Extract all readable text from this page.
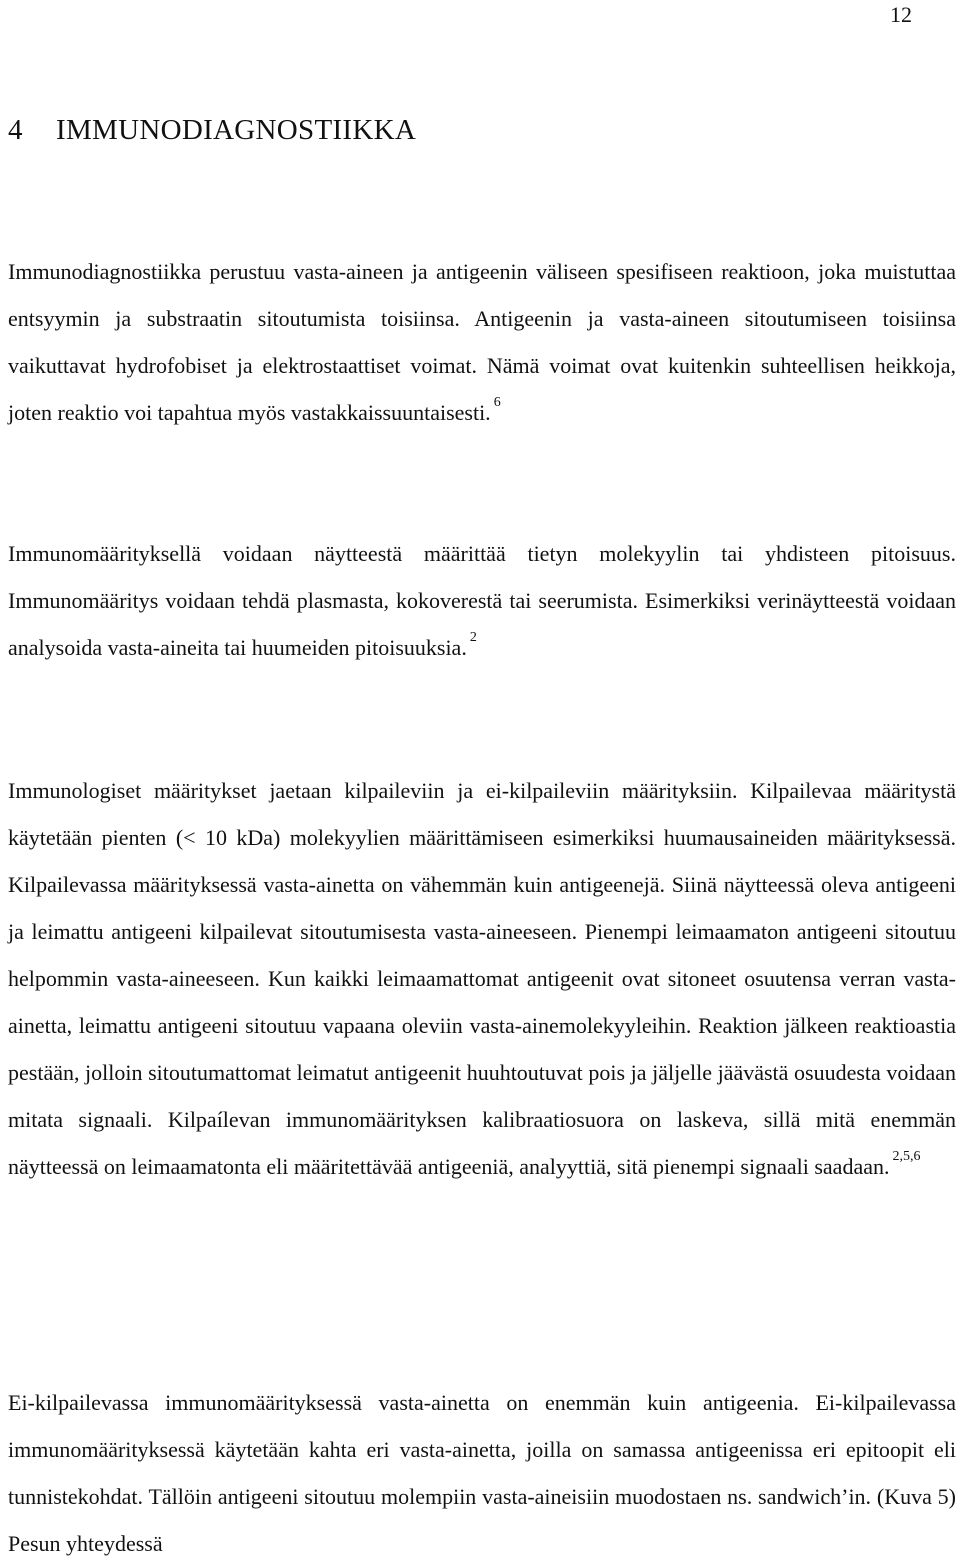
12
4 IMMUNODIAGNOSTIIKKA

Immunodiagnostiikka perustuu vasta-aineen ja antigeenin väliseen spesifiseen reaktioon, joka muistuttaa entsyymin ja substraatin sitoutumista toisiinsa. Antigeenin ja vasta-aineen sitoutumiseen toisiinsa vaikuttavat hydrofobiset ja elektrostaattiset voimat. Nämä voimat ovat kuitenkin suhteellisen heikkoja, joten reaktio voi tapahtua myös vastakkaissuuntaisesti. $^6$

Immunomäärityksellä voidaan näytteestä määrittää tietyn molekyylin tai yhdisteen pitoisuus. Immunomääritys voidaan tehdä plasmasta, kokoverestä tai seerumista. Esimerkiksi verinäytteestä voidaan analysoida vasta-aineita tai huumeiden pitoisuuksia. $^2$

Immunologiset määritykset jaetaan kilpaileviin ja ei-kilpaileviin määrityksiin. Kilpailevaa määritystä käytetään pienten (< 10 kDa) molekyylien määrittämiseen esimerkiksi huumausaineiden määrityksessä. Kilpailevassa määrityksessä vasta-ainetta on vähemmän kuin antigeenejä. Siinä näytteessä oleva antigeeni ja leimattu antigeeni kilpailevat sitoutumisesta vasta-aineeseen. Pienempi leimaamaton antigeeni sitoutuu helpommin vasta-aineeseen. Kun kaikki leimaamattomat antigeenit ovat sitoneet osuutensa verran vasta-ainetta, leimattu antigeeni sitoutuu vapaana oleviin vasta-ainemolekyyleihin. Reaktion jälkeen reaktioastia pestään, jolloin sitoutumattomat leimatut antigeenit huuhtoutuvat pois ja jäljelle jäävästä osuudesta voidaan mitata signaali. Kilpaílevan immunomäärityksen kalibraatiosuora on laskeva, sillä mitä enemmän näytteessä on leimaamatonta eli määritettävää antigeeniä, analyyttiä, sitä pienempi signaali saadaan. $^{2,5,6}$

Ei-kilpailevassa immunomäärityksessä vasta-ainetta on enemmän kuin antigeenia. Ei-kilpailevassa immunomäärityksessä käytetään kahta eri vasta-ainetta, joilla on samassa antigeenissa eri epitoopit eli tunnistekohdat. Tällöin antigeeni sitoutuu molempiin vasta-aineisiin muodostaen ns. sandwich’in. (Kuva 5) Pesun yhteydessä
